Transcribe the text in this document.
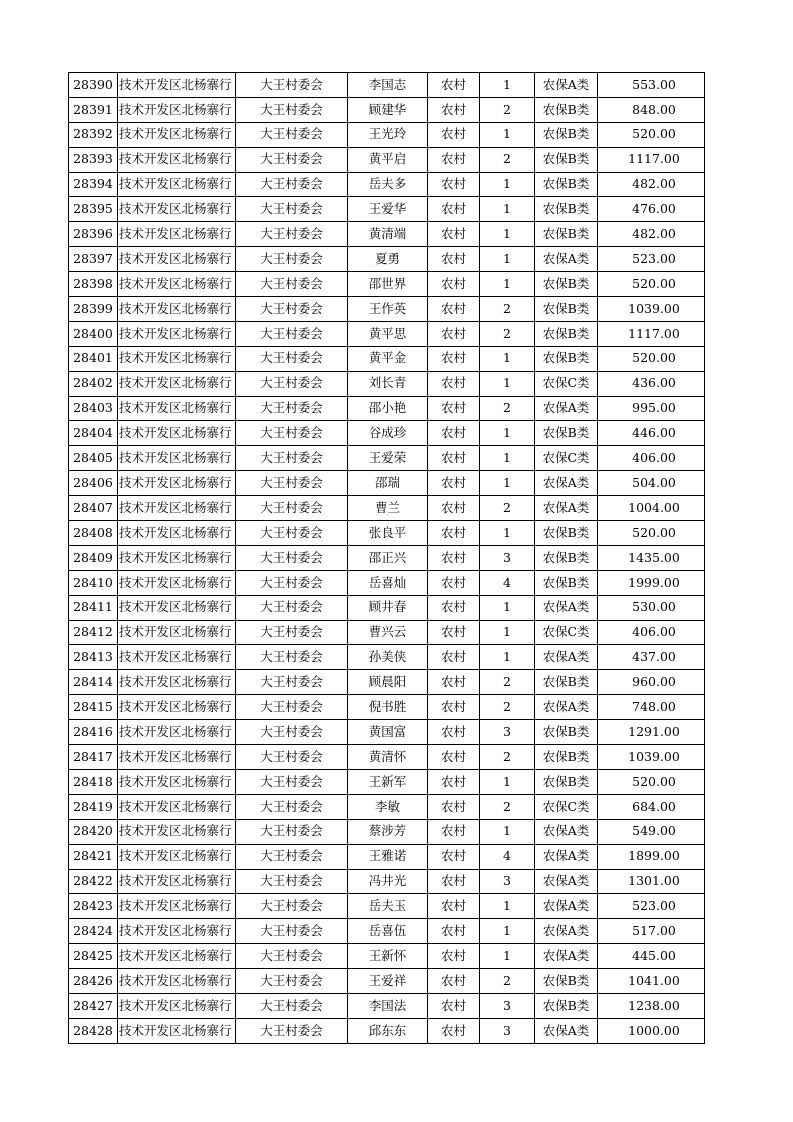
28390	技术开发区北杨寨行	大王村委会	李国志	农村	1	农保A类	553.00
28391	技术开发区北杨寨行	大王村委会	顾建华	农村	2	农保B类	848.00
28392	技术开发区北杨寨行	大王村委会	王光玲	农村	1	农保B类	520.00
28393	技术开发区北杨寨行	大王村委会	黄平启	农村	2	农保B类	1117.00
28394	技术开发区北杨寨行	大王村委会	岳夫多	农村	1	农保B类	482.00
28395	技术开发区北杨寨行	大王村委会	王爱华	农村	1	农保B类	476.00
28396	技术开发区北杨寨行	大王村委会	黄清端	农村	1	农保B类	482.00
28397	技术开发区北杨寨行	大王村委会	夏勇	农村	1	农保A类	523.00
28398	技术开发区北杨寨行	大王村委会	邵世界	农村	1	农保B类	520.00
28399	技术开发区北杨寨行	大王村委会	王作英	农村	2	农保B类	1039.00
28400	技术开发区北杨寨行	大王村委会	黄平思	农村	2	农保B类	1117.00
28401	技术开发区北杨寨行	大王村委会	黄平金	农村	1	农保B类	520.00
28402	技术开发区北杨寨行	大王村委会	刘长青	农村	1	农保C类	436.00
28403	技术开发区北杨寨行	大王村委会	邵小艳	农村	2	农保A类	995.00
28404	技术开发区北杨寨行	大王村委会	谷成珍	农村	1	农保B类	446.00
28405	技术开发区北杨寨行	大王村委会	王爱荣	农村	1	农保C类	406.00
28406	技术开发区北杨寨行	大王村委会	邵瑞	农村	1	农保A类	504.00
28407	技术开发区北杨寨行	大王村委会	曹兰	农村	2	农保A类	1004.00
28408	技术开发区北杨寨行	大王村委会	张良平	农村	1	农保B类	520.00
28409	技术开发区北杨寨行	大王村委会	邵正兴	农村	3	农保B类	1435.00
28410	技术开发区北杨寨行	大王村委会	岳喜灿	农村	4	农保B类	1999.00
28411	技术开发区北杨寨行	大王村委会	顾井春	农村	1	农保A类	530.00
28412	技术开发区北杨寨行	大王村委会	曹兴云	农村	1	农保C类	406.00
28413	技术开发区北杨寨行	大王村委会	孙美侠	农村	1	农保A类	437.00
28414	技术开发区北杨寨行	大王村委会	顾晨阳	农村	2	农保B类	960.00
28415	技术开发区北杨寨行	大王村委会	倪书胜	农村	2	农保A类	748.00
28416	技术开发区北杨寨行	大王村委会	黄国富	农村	3	农保B类	1291.00
28417	技术开发区北杨寨行	大王村委会	黄清怀	农村	2	农保B类	1039.00
28418	技术开发区北杨寨行	大王村委会	王新军	农村	1	农保B类	520.00
28419	技术开发区北杨寨行	大王村委会	李敏	农村	2	农保C类	684.00
28420	技术开发区北杨寨行	大王村委会	蔡涉芳	农村	1	农保A类	549.00
28421	技术开发区北杨寨行	大王村委会	王雅诺	农村	4	农保A类	1899.00
28422	技术开发区北杨寨行	大王村委会	冯井光	农村	3	农保A类	1301.00
28423	技术开发区北杨寨行	大王村委会	岳夫玉	农村	1	农保A类	523.00
28424	技术开发区北杨寨行	大王村委会	岳喜伍	农村	1	农保A类	517.00
28425	技术开发区北杨寨行	大王村委会	王新怀	农村	1	农保A类	445.00
28426	技术开发区北杨寨行	大王村委会	王爱祥	农村	2	农保B类	1041.00
28427	技术开发区北杨寨行	大王村委会	李国法	农村	3	农保B类	1238.00
28428	技术开发区北杨寨行	大王村委会	邱东东	农村	3	农保A类	1000.00
